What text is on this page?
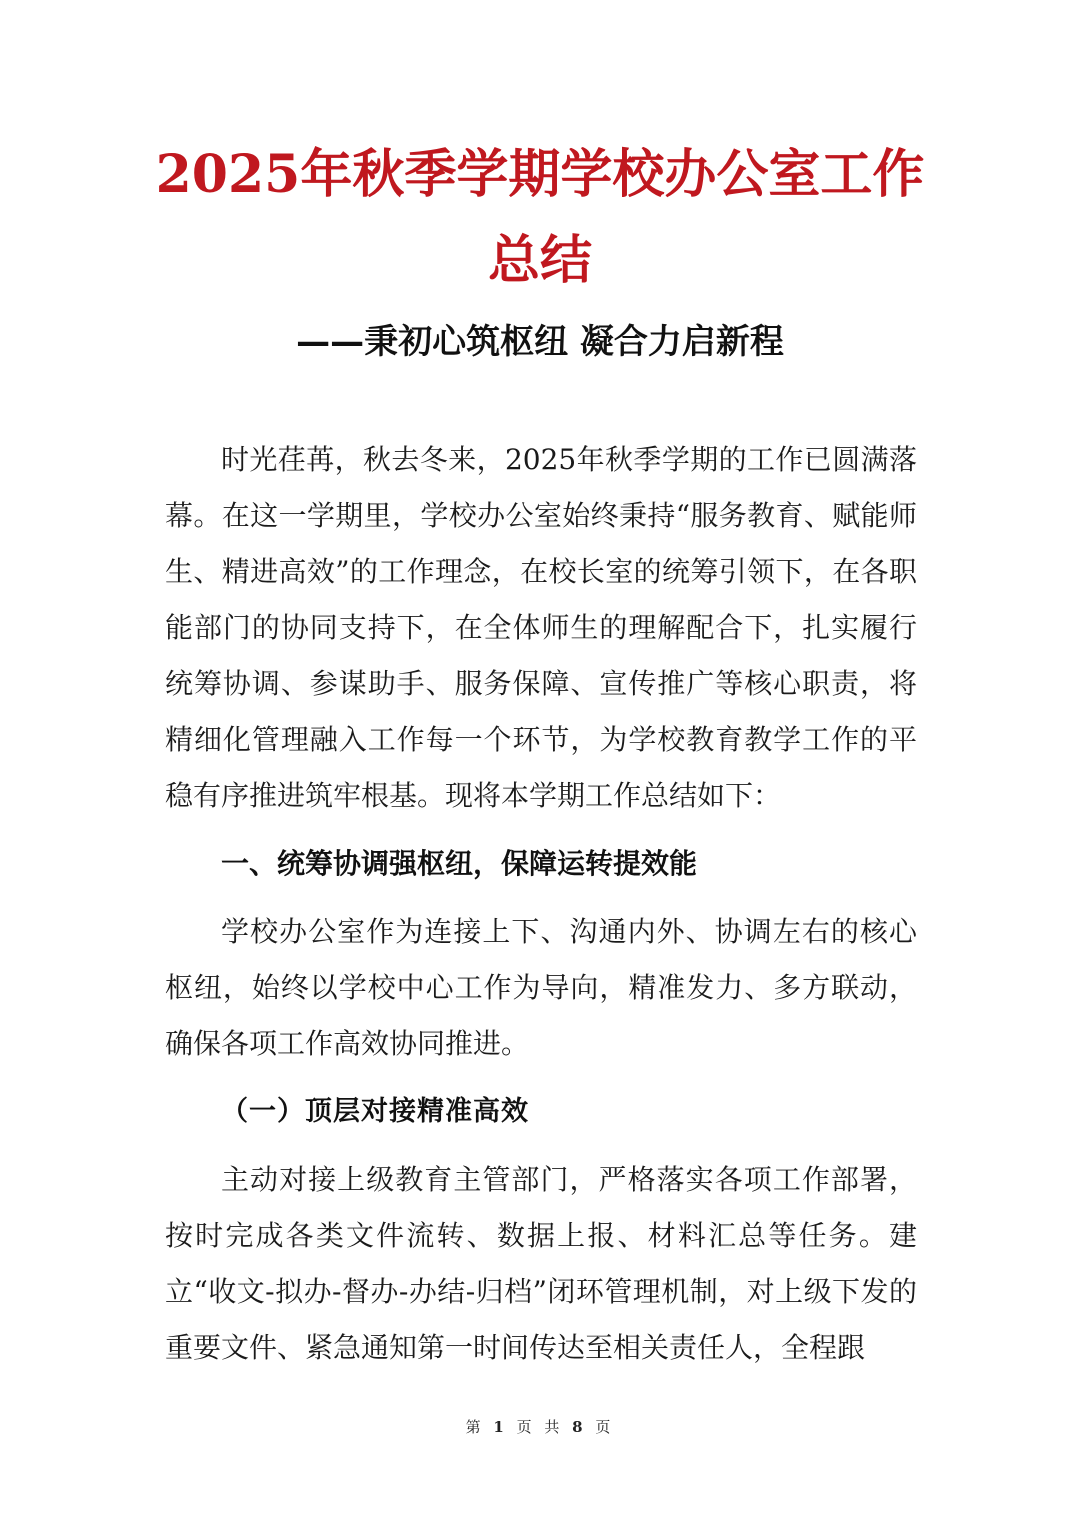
2025年秋季学期学校办公室工作
总结
——秉初心筑枢纽 凝合力启新程

时光荏苒，秋去冬来，2025年秋季学期的工作已圆满落幕。在这一学期里，学校办公室始终秉持“服务教育、赋能师生、精进高效”的工作理念，在校长室的统筹引领下，在各职能部门的协同支持下，在全体师生的理解配合下，扎实履行统筹协调、参谋助手、服务保障、宣传推广等核心职责，将精细化管理融入工作每一个环节，为学校教育教学工作的平稳有序推进筑牢根基。现将本学期工作总结如下：

一、统筹协调强枢纽，保障运转提效能

学校办公室作为连接上下、沟通内外、协调左右的核心枢纽，始终以学校中心工作为导向，精准发力、多方联动，确保各项工作高效协同推进。

（一）顶层对接精准高效

主动对接上级教育主管部门，严格落实各项工作部署，按时完成各类文件流转、数据上报、材料汇总等任务。建立“收文-拟办-督办-办结-归档”闭环管理机制，对上级下发的重要文件、紧急通知第一时间传达至相关责任人，全程跟

第 1 页 共 8 页
